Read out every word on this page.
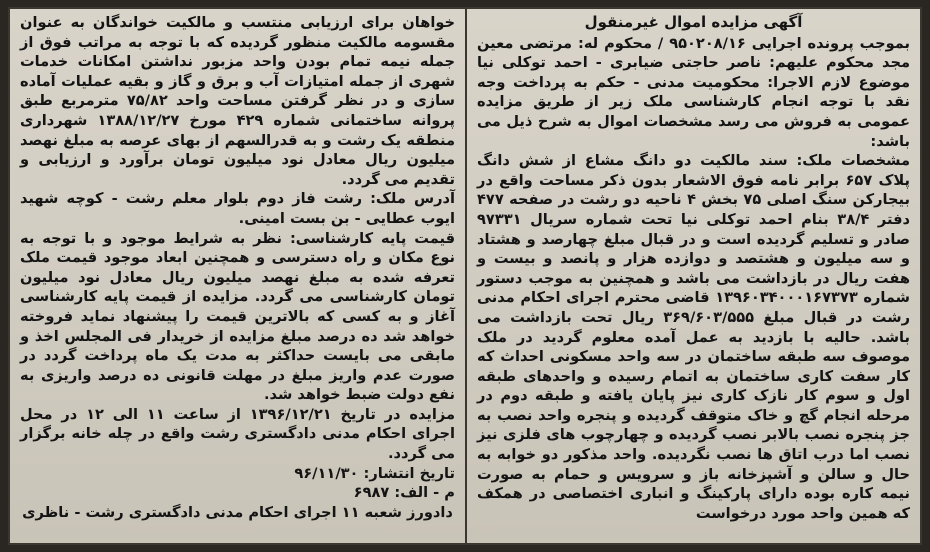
آگهی مزایده اموال غیرمنقول

بموجب پرونده اجرایی ۹۵۰۲۰۸/۱۶ / محکوم له: مرتضی معین مجد محکوم علیهم: ناصر حاجتی ضیابری - احمد توکلی نیا موضوع لازم الاجرا: محکومیت مدنی - حکم به پرداخت وجه نقد با توجه انجام کارشناسی ملک زیر از طریق مزایده عمومی به فروش می رسد مشخصات اموال به شرح ذیل می باشد:

مشخصات ملک: سند مالکیت دو دانگ مشاع از شش دانگ پلاک ۶۵۷ برابر نامه فوق الاشعار بدون ذکر مساحت واقع در بیجارکن سنگ اصلی ۷۵ بخش ۴ ناحیه دو رشت در صفحه ۴۷۷ دفتر ۳۸/۴ بنام احمد توکلی نیا تحت شماره سریال ۹۷۳۳۱ صادر و تسلیم گردیده است و در قبال مبلغ چهارصد و هشتاد و سه میلیون و هشتصد و دوازده هزار و پانصد و بیست و هفت ریال در بازداشت می باشد و همچنین به موجب دستور شماره ۱۳۹۶۰۳۴۰۰۰۱۶۷۳۷۳ قاضی محترم اجرای احکام مدنی رشت در قبال مبلغ ۳۶۹/۶۰۳/۵۵۵ ریال تحت بازداشت می باشد. حالیه با بازدید به عمل آمده معلوم گردید در ملک موصوف سه طبقه ساختمان در سه واحد مسکونی احداث که کار سفت کاری ساختمان به اتمام رسیده و واحدهای طبقه اول و سوم کار نازک کاری نیز پایان یافته و طبقه دوم در مرحله انجام گچ و خاک متوقف گردیده و پنجره واحد نصب به جز پنجره نصب بالابر نصب گردیده و چهارچوب های فلزی نیز نصب اما درب اتاق ها نصب نگردیده. واحد مذکور دو خوابه به حال و سالن و آشپزخانه باز و سرویس و حمام به صورت نیمه کاره بوده دارای پارکینگ و انباری اختصاصی در همکف که همین واحد مورد درخواست

خواهان برای ارزیابی منتسب و مالکیت خواندگان به عنوان مقسومه مالکیت منظور گردیده که با توجه به مراتب فوق از جمله نیمه تمام بودن واحد مزبور نداشتن امکانات خدمات شهری از جمله امتیازات آب و برق و گاز و بقیه عملیات آماده سازی و در نظر گرفتن مساحت واحد ۷۵/۸۲ مترمربع طبق پروانه ساختمانی شماره ۴۲۹ مورخ ۱۳۸۸/۱۲/۲۷ شهرداری منطقه یک رشت و به قدرالسهم از بهای عرصه به مبلغ نهصد میلیون ریال معادل نود میلیون تومان برآورد و ارزیابی و تقدیم می گردد.

آدرس ملک: رشت فاز دوم بلوار معلم رشت - کوچه شهید ایوب عطایی - بن بست امینی.

قیمت پایه کارشناسی: نظر به شرایط موجود و با توجه به نوع مکان و راه دسترسی و همچنین ابعاد موجود قیمت ملک تعرفه شده به مبلغ نهصد میلیون ریال معادل نود میلیون تومان کارشناسی می گردد. مزایده از قیمت پایه کارشناسی آغاز و به کسی که بالاترین قیمت را پیشنهاد نماید فروخته خواهد شد ده درصد مبلغ مزایده از خریدار فی المجلس اخذ و مابقی می بایست حداکثر به مدت یک ماه پرداخت گردد در صورت عدم واریز مبلغ در مهلت قانونی ده درصد واریزی به نفع دولت ضبط خواهد شد.

مزایده در تاریخ ۱۳۹۶/۱۲/۲۱ از ساعت ۱۱ الی ۱۲ در محل اجرای احکام مدنی دادگستری رشت واقع در چله خانه برگزار می گردد.

تاریخ انتشار: ۹۶/۱۱/۳۰

م - الف: ۶۹۸۷

دادورز شعبه ۱۱ اجرای احکام مدنی دادگستری رشت - ناظری
